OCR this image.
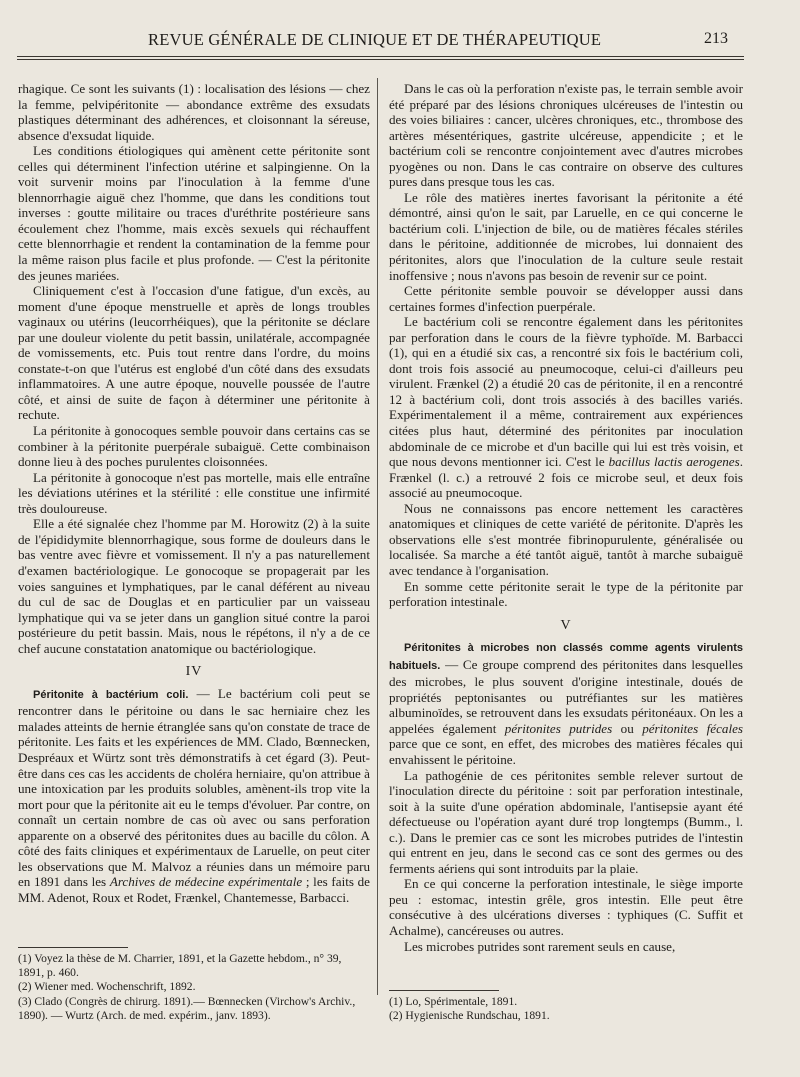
REVUE GÉNÉRALE DE CLINIQUE ET DE THÉRAPEUTIQUE	213

rhagique. Ce sont les suivants (1) : localisation des lésions — chez la femme, pelvipéritonite — abondance extrême des exsudats plastiques déterminant des adhérences, et cloisonnant la séreuse, absence d'exsudat liquide.

Les conditions étiologiques qui amènent cette péritonite sont celles qui déterminent l'infection utérine et salpingienne. On la voit survenir moins par l'inoculation à la femme d'une blennorrhagie aiguë chez l'homme, que dans les conditions tout inverses : goutte militaire ou traces d'uréthrite postérieure sans écoulement chez l'homme, mais excès sexuels qui réchauffent cette blennorrhagie et rendent la contamination de la femme pour la même raison plus facile et plus profonde. — C'est la péritonite des jeunes mariées.

Cliniquement c'est à l'occasion d'une fatigue, d'un excès, au moment d'une époque menstruelle et après de longs troubles vaginaux ou utérins (leucorrhéiques), que la péritonite se déclare par une douleur violente du petit bassin, unilatérale, accompagnée de vomissements, etc. Puis tout rentre dans l'ordre, du moins constate-t-on que l'utérus est englobé d'un côté dans des exsudats inflammatoires. A une autre époque, nouvelle poussée de l'autre côté, et ainsi de suite de façon à déterminer une péritonite à rechute.

La péritonite à gonocoques semble pouvoir dans certains cas se combiner à la péritonite puerpérale subaiguë. Cette combinaison donne lieu à des poches purulentes cloisonnées.

La péritonite à gonocoque n'est pas mortelle, mais elle entraîne les déviations utérines et la stérilité : elle constitue une infirmité très douloureuse.

Elle a été signalée chez l'homme par M. Horowitz (2) à la suite de l'épididymite blennorrhagique, sous forme de douleurs dans le bas ventre avec fièvre et vomissement. Il n'y a pas naturellement d'examen bactériologique. Le gonocoque se propagerait par les voies sanguines et lymphatiques, par le canal déférent au niveau du cul de sac de Douglas et en particulier par un vaisseau lymphatique qui va se jeter dans un ganglion situé contre la paroi postérieure du petit bassin. Mais, nous le répétons, il n'y a de ce chef aucune constatation anatomique ou bactériologique.

IV

Péritonite à bactérium coli. — Le bactérium coli peut se rencontrer dans le péritoine ou dans le sac herniaire chez les malades atteints de hernie étranglée sans qu'on constate de trace de péritonite. Les faits et les expériences de MM. Clado, Bœnnecken, Despréaux et Würtz sont très démonstratifs à cet égard (3). Peut-être dans ces cas les accidents de choléra herniaire, qu'on attribue à une intoxication par les produits solubles, amènent-ils trop vite la mort pour que la péritonite ait eu le temps d'évoluer. Par contre, on connaît un certain nombre de cas où avec ou sans perforation apparente on a observé des péritonites dues au bacille du côlon. A côté des faits cliniques et expérimentaux de Laruelle, on peut citer les observations que M. Malvoz a réunies dans un mémoire paru en 1891 dans les Archives de médecine expérimentale ; les faits de MM. Adenot, Roux et Rodet, Frænkel, Chantemesse, Barbacci.

(1) Voyez la thèse de M. Charrier, 1891, et la Gazette hebdom., n° 39, 1891, p. 460.

(2) Wiener med. Wochenschrift, 1892.

(3) Clado (Congrès de chirurg. 1891).— Bœnnecken (Virchow's Archiv., 1890). — Wurtz (Arch. de med. expérim., janv. 1893).

Dans le cas où la perforation n'existe pas, le terrain semble avoir été préparé par des lésions chroniques ulcéreuses de l'intestin ou des voies biliaires : cancer, ulcères chroniques, etc., thrombose des artères mésentériques, gastrite ulcéreuse, appendicite ; et le bactérium coli se rencontre conjointement avec d'autres microbes pyogènes ou non. Dans le cas contraire on observe des cultures pures dans presque tous les cas.

Le rôle des matières inertes favorisant la péritonite a été démontré, ainsi qu'on le sait, par Laruelle, en ce qui concerne le bactérium coli. L'injection de bile, ou de matières fécales stériles dans le péritoine, additionnée de microbes, lui donnaient des péritonites, alors que l'inoculation de la culture seule restait inoffensive ; nous n'avons pas besoin de revenir sur ce point.

Cette péritonite semble pouvoir se développer aussi dans certaines formes d'infection puerpérale.

Le bactérium coli se rencontre également dans les péritonites par perforation dans le cours de la fièvre typhoïde. M. Barbacci (1), qui en a étudié six cas, a rencontré six fois le bactérium coli, dont trois fois associé au pneumocoque, celui-ci d'ailleurs peu virulent. Frænkel (2) a étudié 20 cas de péritonite, il en a rencontré 12 à bactérium coli, dont trois associés à des bacilles variés. Expérimentalement il a même, contrairement aux expériences citées plus haut, déterminé des péritonites par inoculation abdominale de ce microbe et d'un bacille qui lui est très voisin, et que nous devons mentionner ici. C'est le bacillus lactis aerogenes. Frænkel (l. c.) a retrouvé 2 fois ce microbe seul, et deux fois associé au pneumocoque.

Nous ne connaissons pas encore nettement les caractères anatomiques et cliniques de cette variété de péritonite. D'après les observations elle s'est montrée fibrinopurulente, généralisée ou localisée. Sa marche a été tantôt aiguë, tantôt à marche subaiguë avec tendance à l'organisation.

En somme cette péritonite serait le type de la péritonite par perforation intestinale.

V

Péritonites à microbes non classés comme agents virulents habituels. — Ce groupe comprend des péritonites dans lesquelles des microbes, le plus souvent d'origine intestinale, doués de propriétés peptonisantes ou putréfiantes sur les matières albuminoïdes, se retrouvent dans les exsudats péritonéaux. On les a appelées également péritonites putrides ou péritonites fécales parce que ce sont, en effet, des microbes des matières fécales qui envahissent le péritoine.

La pathogénie de ces péritonites semble relever surtout de l'inoculation directe du péritoine : soit par perforation intestinale, soit à la suite d'une opération abdominale, l'antisepsie ayant été défectueuse ou l'opération ayant duré trop longtemps (Bumm., l. c.). Dans le premier cas ce sont les microbes putrides de l'intestin qui entrent en jeu, dans le second cas ce sont des germes ou des ferments aériens qui sont introduits par la plaie.

En ce qui concerne la perforation intestinale, le siège importe peu : estomac, intestin grêle, gros intestin. Elle peut être consécutive à des ulcérations diverses : typhiques (C. Suffit et Achalme), cancéreuses ou autres.

Les microbes putrides sont rarement seuls en cause,

(1) Lo, Spérimentale, 1891.

(2) Hygienische Rundschau, 1891.
